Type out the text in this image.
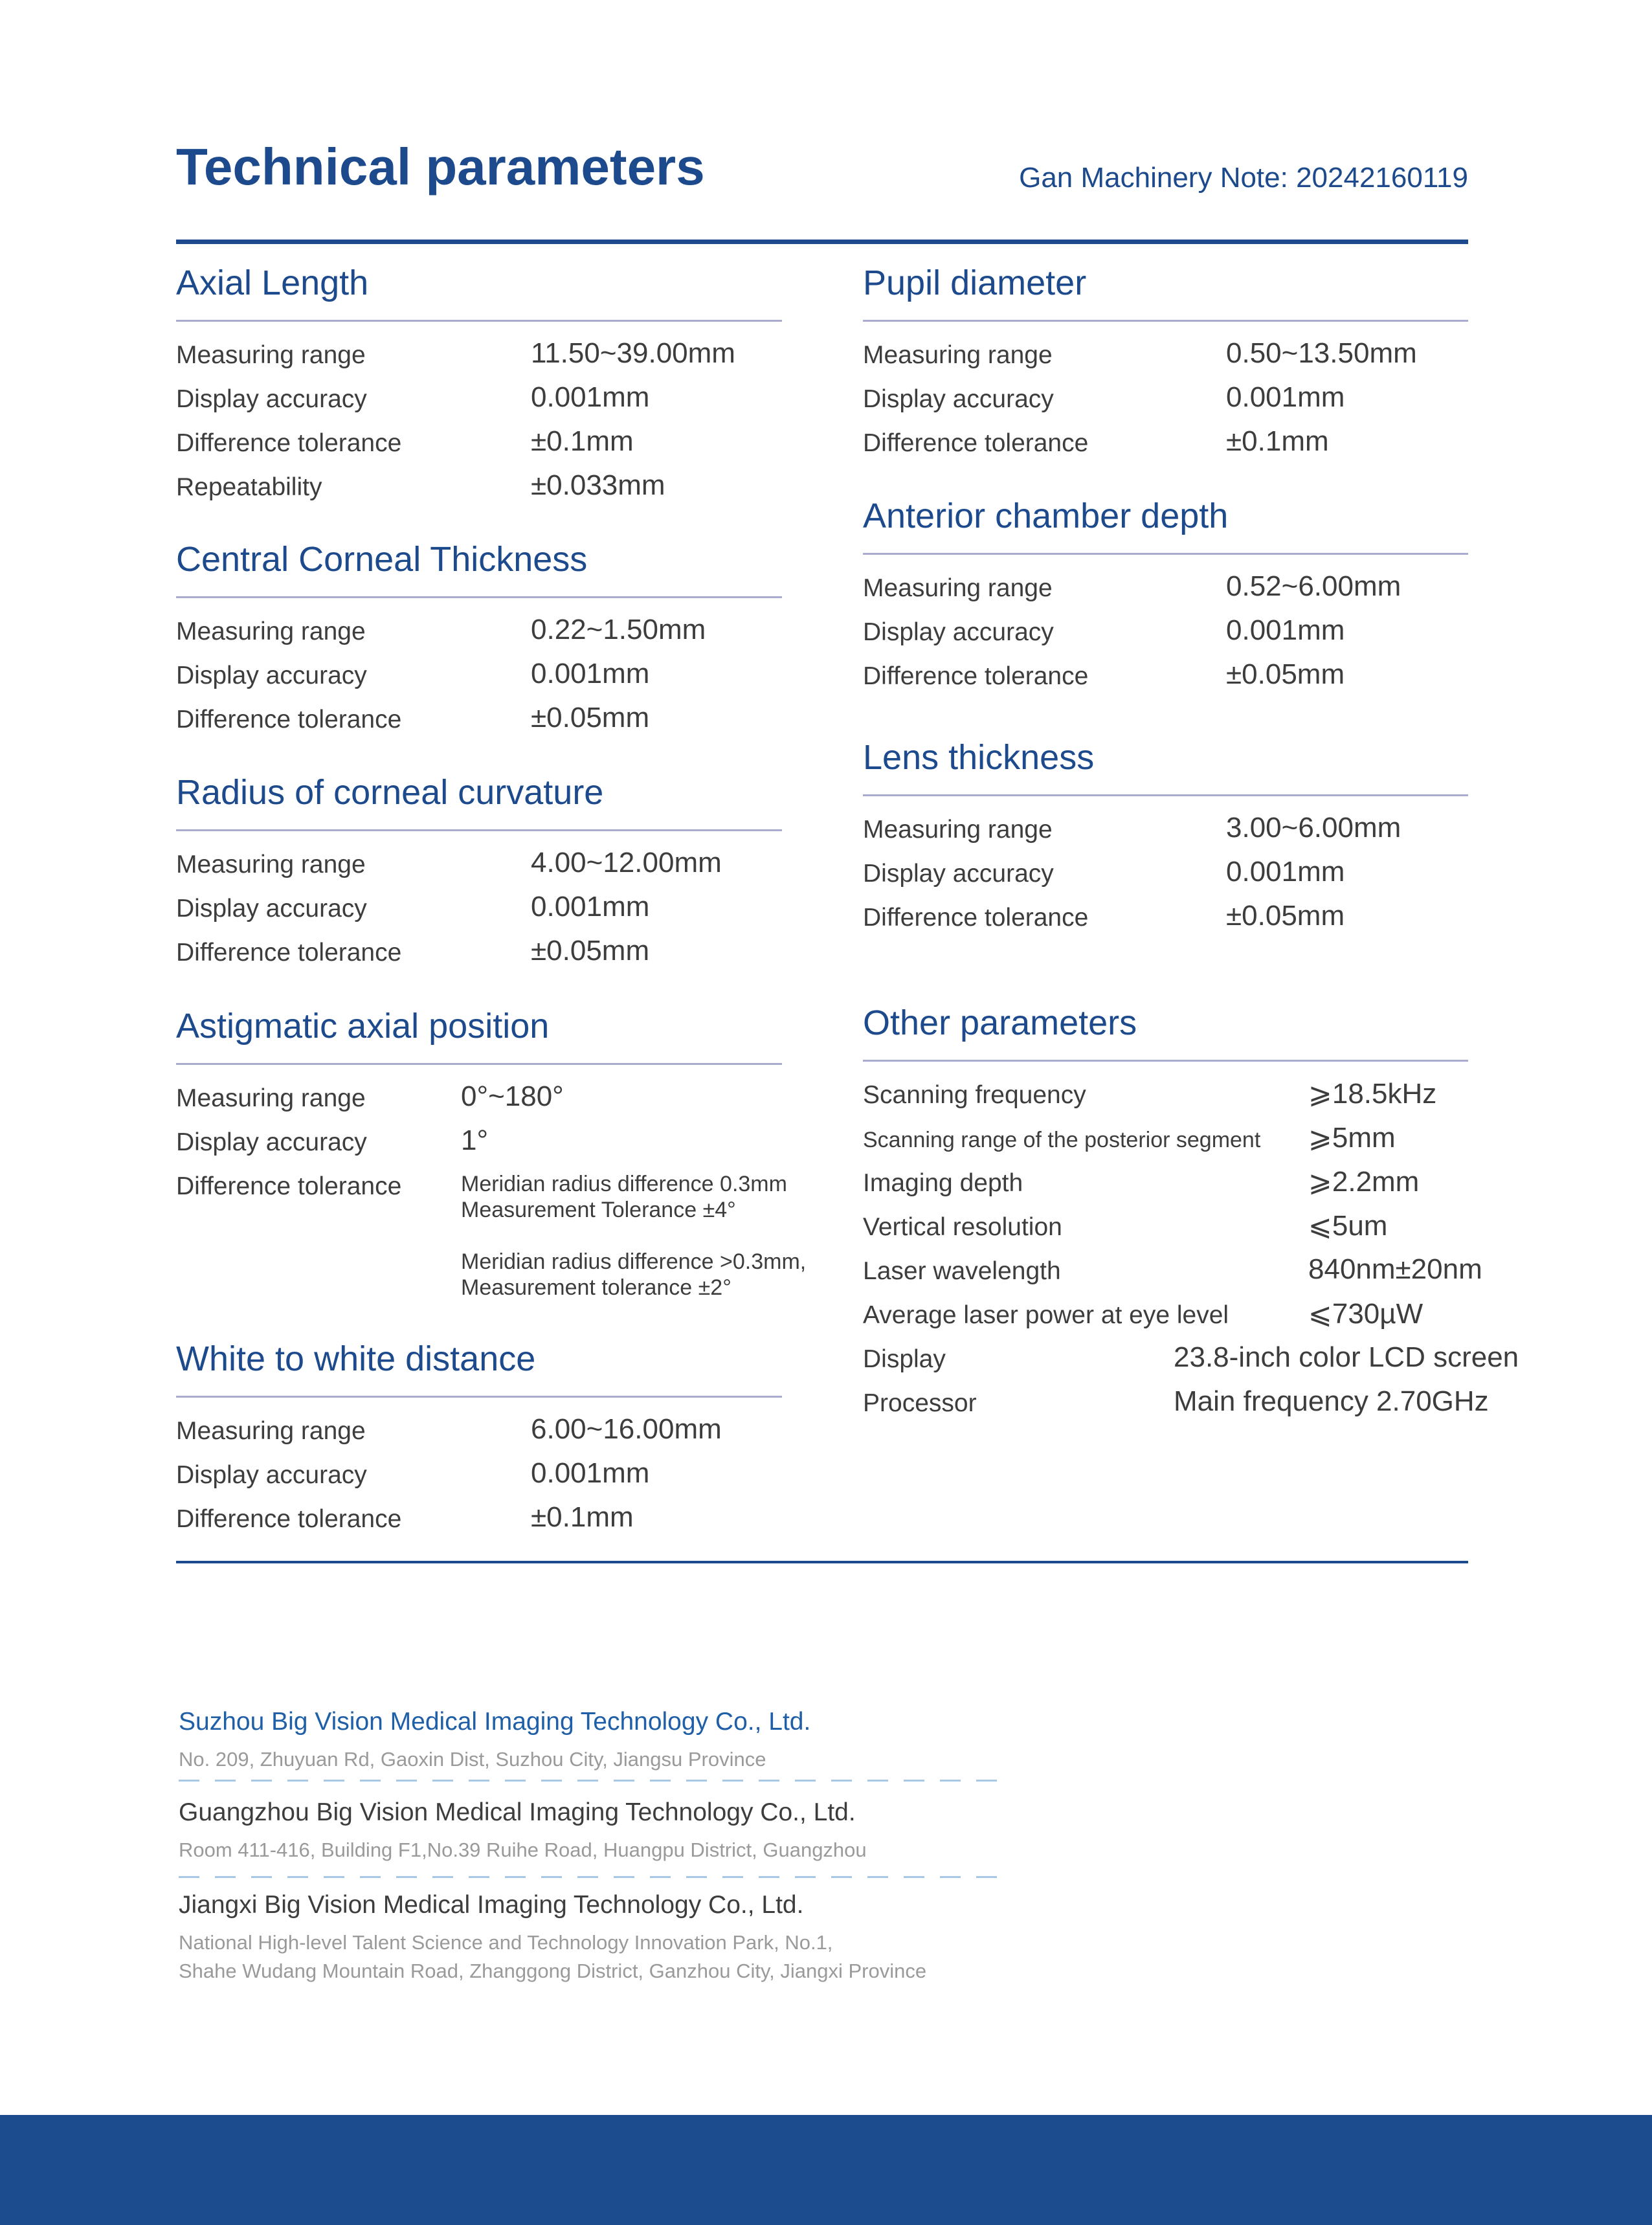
Technical parameters	Gan Machinery Note: 20242160119
Axial Length
Measuring range	11.50~39.00mm
Display accuracy	0.001mm
Difference tolerance	±0.1mm
Repeatability	±0.033mm
Central Corneal Thickness
Measuring range	0.22~1.50mm
Display accuracy	0.001mm
Difference tolerance	±0.05mm
Radius of corneal curvature
Measuring range	4.00~12.00mm
Display accuracy	0.001mm
Difference tolerance	±0.05mm
Astigmatic axial position
Measuring range	0°~180°
Display accuracy	1°
Difference tolerance	Meridian radius difference 0.3mm
Measurement Tolerance ±4°
Meridian radius difference >0.3mm,
Measurement tolerance ±2°
White to white distance
Measuring range	6.00~16.00mm
Display accuracy	0.001mm
Difference tolerance	±0.1mm
Pupil diameter
Measuring range	0.50~13.50mm
Display accuracy	0.001mm
Difference tolerance	±0.1mm
Anterior chamber depth
Measuring range	0.52~6.00mm
Display accuracy	0.001mm
Difference tolerance	±0.05mm
Lens thickness
Measuring range	3.00~6.00mm
Display accuracy	0.001mm
Difference tolerance	±0.05mm
Other parameters
Scanning frequency	⩾18.5kHz
Scanning range of the posterior segment ⩾5mm
Imaging depth	⩾2.2mm
Vertical resolution	⩽5um
Laser wavelength	840nm±20nm
Average laser power at eye level	⩽730µW
Display	23.8-inch color LCD screen
Processor	Main frequency 2.70GHz
Suzhou Big Vision Medical Imaging Technology Co., Ltd.
No. 209, Zhuyuan Rd, Gaoxin Dist, Suzhou City, Jiangsu Province
Guangzhou Big Vision Medical Imaging Technology Co., Ltd.
Room 411-416, Building F1,No.39 Ruihe Road, Huangpu District, Guangzhou
Jiangxi Big Vision Medical Imaging Technology Co., Ltd.
National High-level Talent Science and Technology Innovation Park, No.1,
Shahe Wudang Mountain Road, Zhanggong District, Ganzhou City, Jiangxi Province
